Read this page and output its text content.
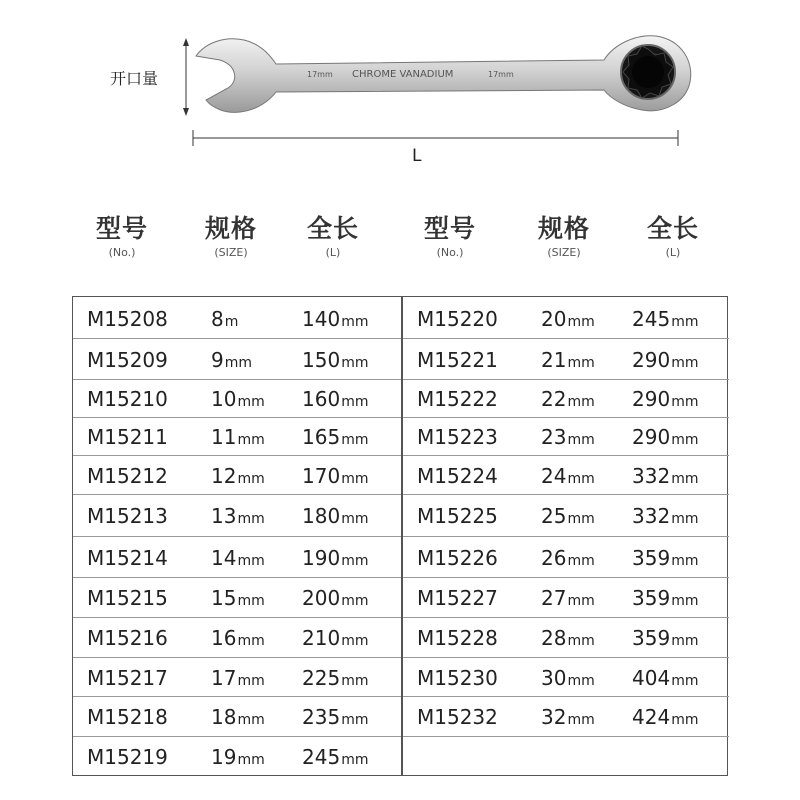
17mm CHROME VANADIUM	17mm
开口量
L
型号
(No.)
规格
(SIZE)
全长
(L)
型号
(No.)
规格
(SIZE)
全长
(L)
M15208 8m	140mm
M15209 9mm 150mm
M15210 10mm 160mm
M15211 11mm 165mm
M15212 12mm 170mm
M15213 13mm 180mm
M15214 14mm 190mm
M15215 15mm 200mm
M15216 16mm 210mm
M15217 17mm 225mm
M15218 18mm 235mm
M15219 19mm 245mm
M15220 20mm 245mm
M15221 21mm 290mm
M15222 22mm 290mm
M15223 23mm 290mm
M15224 24mm 332mm
M15225 25mm 332mm
M15226 26mm 359mm
M15227 27mm 359mm
M15228 28mm 359mm
M15230 30mm 404mm
M15232 32mm 424mm
